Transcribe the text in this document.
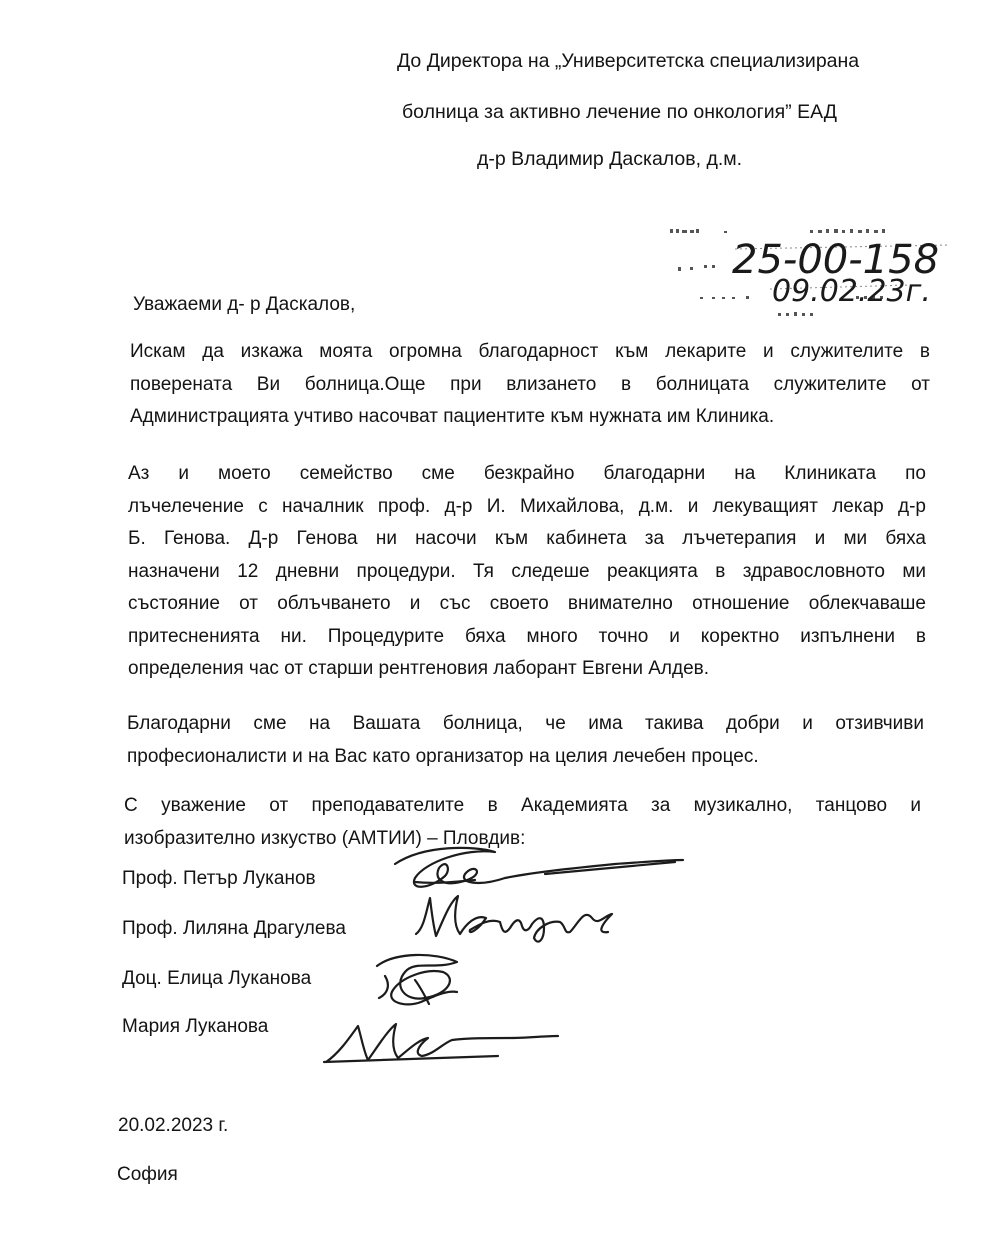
До Директора на „Университетска специализирана
болница за активно лечение по онкология” ЕАД
д-р Владимир Даскалов, д.м.
25-00-158
09.02.23г.
Уважаеми д- р Даскалов,

Искам да изкажа моята огромна благодарност към лекарите и служителите в
поверената Ви болница.Още при влизането в болницата служителите от
Администрацията учтиво насочват пациентите към нужната им Клиника.

Аз и моето семейство сме безкрайно благодарни на Клиниката по
лъчелечение с началник проф. д-р И. Михайлова, д.м. и лекуващият лекар д-р
Б. Генова. Д-р Генова ни насочи към кабинета за лъчетерапия и ми бяха
назначени 12 дневни процедури. Тя следеше реакцията в здравословното ми
състояние от облъчването и със своето внимателно отношение облекчаваше
притесненията ни. Процедурите бяха много точно и коректно изпълнени в
определения час от старши рентгеновия лаборант Евгени Алдев.

Благодарни сме на Вашата болница, че има такива добри и отзивчиви
професионалисти и на Вас като организатор на целия лечебен процес.

С уважение от преподавателите в Академията за музикално, танцово и
изобразително изкуство (АМТИИ) – Пловдив:

Проф. Петър Луканов
Проф. Лиляна Драгулева
Доц. Елица Луканова
Мария Луканова
20.02.2023 г.
София
